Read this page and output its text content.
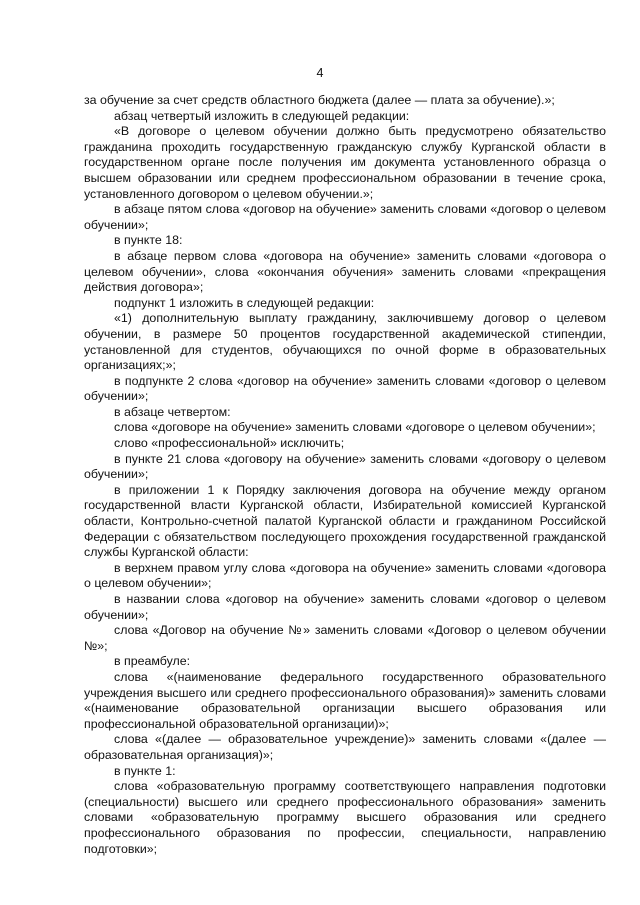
4

за обучение за счет средств областного бюджета (далее — плата за обучение).»;

абзац четвертый изложить в следующей редакции:

«В договоре о целевом обучении должно быть предусмотрено обязательство гражданина проходить государственную гражданскую службу Курганской области в государственном органе после получения им документа установленного образца о высшем образовании или среднем профессиональном образовании в течение срока, установленного договором о целевом обучении.»;

в абзаце пятом слова «договор на обучение» заменить словами «договор о целевом обучении»;

в пункте 18:

в абзаце первом слова «договора на обучение» заменить словами «договора о целевом обучении», слова «окончания обучения» заменить словами «прекращения действия договора»;

подпункт 1 изложить в следующей редакции:

«1) дополнительную выплату гражданину, заключившему договор о целевом обучении, в размере 50 процентов государственной академической стипендии, установленной для студентов, обучающихся по очной форме в образовательных организациях;»;

в подпункте 2 слова «договор на обучение» заменить словами «договор о целевом обучении»;

в абзаце четвертом:

слова «договоре на обучение» заменить словами «договоре о целевом обучении»;

слово «профессиональной» исключить;

в пункте 21 слова «договору на обучение» заменить словами «договору о целевом обучении»;

в приложении 1 к Порядку заключения договора на обучение между органом государственной власти Курганской области, Избирательной комиссией Курганской области, Контрольно-счетной палатой Курганской области и гражданином Российской Федерации с обязательством последующего прохождения государственной гражданской службы Курганской области:

в верхнем правом углу слова «договора на обучение» заменить словами «договора о целевом обучении»;

в названии слова «договор на обучение» заменить словами «договор о целевом обучении»;

слова «Договор на обучение №» заменить словами «Договор о целевом обучении №»;

в преамбуле:

слова «(наименование федерального государственного образовательного учреждения высшего или среднего профессионального образования)» заменить словами «(наименование образовательной организации высшего образования или профессиональной образовательной организации)»;

слова «(далее — образовательное учреждение)» заменить словами «(далее — образовательная организация)»;

в пункте 1:

слова «образовательную программу соответствующего направления подготовки (специальности) высшего или среднего профессионального образования» заменить словами «образовательную программу высшего образования или среднего профессионального образования по профессии, специальности, направлению подготовки»;
